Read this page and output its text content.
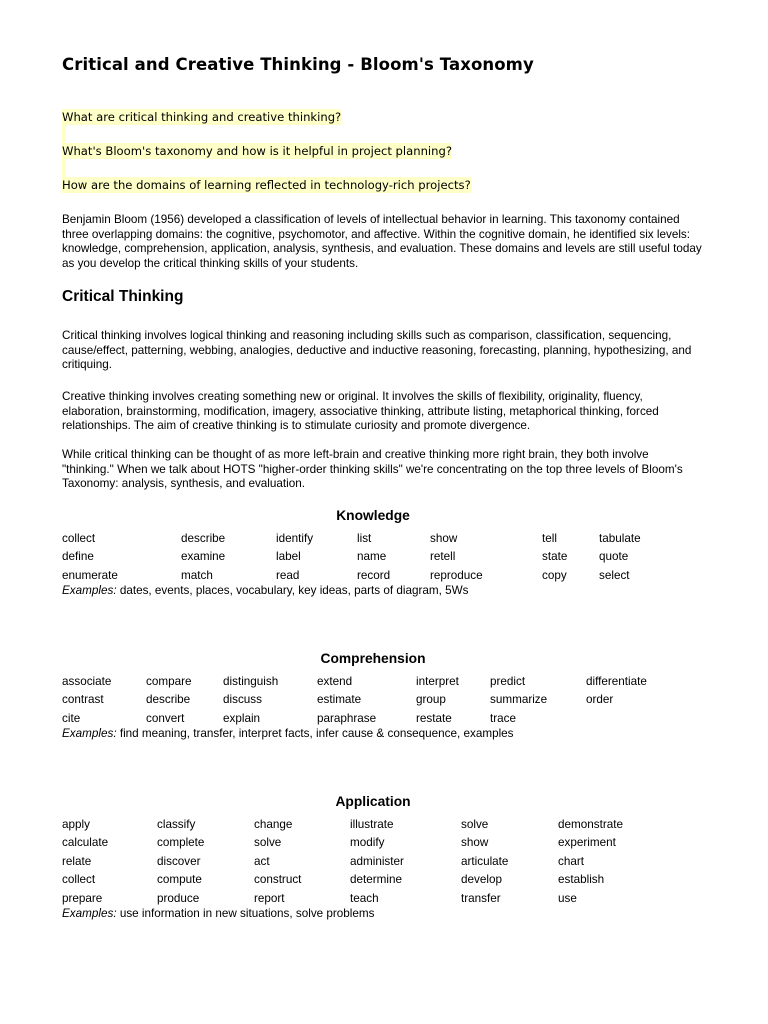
Critical and Creative Thinking - Bloom's Taxonomy
What are critical thinking and creative thinking?
What's Bloom's taxonomy and how is it helpful in project planning?
How are the domains of learning reflected in technology-rich projects?
Benjamin Bloom (1956) developed a classification of levels of intellectual behavior in learning. This taxonomy contained three overlapping domains: the cognitive, psychomotor, and affective. Within the cognitive domain, he identified six levels: knowledge, comprehension, application, analysis, synthesis, and evaluation. These domains and levels are still useful today as you develop the critical thinking skills of your students.
Critical Thinking
Critical thinking involves logical thinking and reasoning including skills such as comparison, classification, sequencing, cause/effect, patterning, webbing, analogies, deductive and inductive reasoning, forecasting, planning, hypothesizing, and critiquing.
Creative thinking involves creating something new or original. It involves the skills of flexibility, originality, fluency, elaboration, brainstorming, modification, imagery, associative thinking, attribute listing, metaphorical thinking, forced relationships. The aim of creative thinking is to stimulate curiosity and promote divergence.
While critical thinking can be thought of as more left-brain and creative thinking more right brain, they both involve "thinking." When we talk about HOTS "higher-order thinking skills" we're concentrating on the top three levels of Bloom's Taxonomy: analysis, synthesis, and evaluation.
Knowledge
collect	describe	identify	list	show	tell	tabulate
define	examine	label	name	retell	state	quote
enumerate	match	read	record	reproduce	copy	select
Examples: dates, events, places, vocabulary, key ideas, parts of diagram, 5Ws
Comprehension
associate	compare	distinguish	extend	interpret	predict	differentiate
contrast	describe	discuss	estimate	group	summarize	order
cite	convert	explain	paraphrase	restate	trace
Examples: find meaning, transfer, interpret facts, infer cause & consequence, examples
Application
apply	classify	change	illustrate	solve	demonstrate
calculate	complete	solve	modify	show	experiment
relate	discover	act	administer	articulate	chart
collect	compute	construct	determine	develop	establish
prepare	produce	report	teach	transfer	use
Examples: use information in new situations, solve problems
